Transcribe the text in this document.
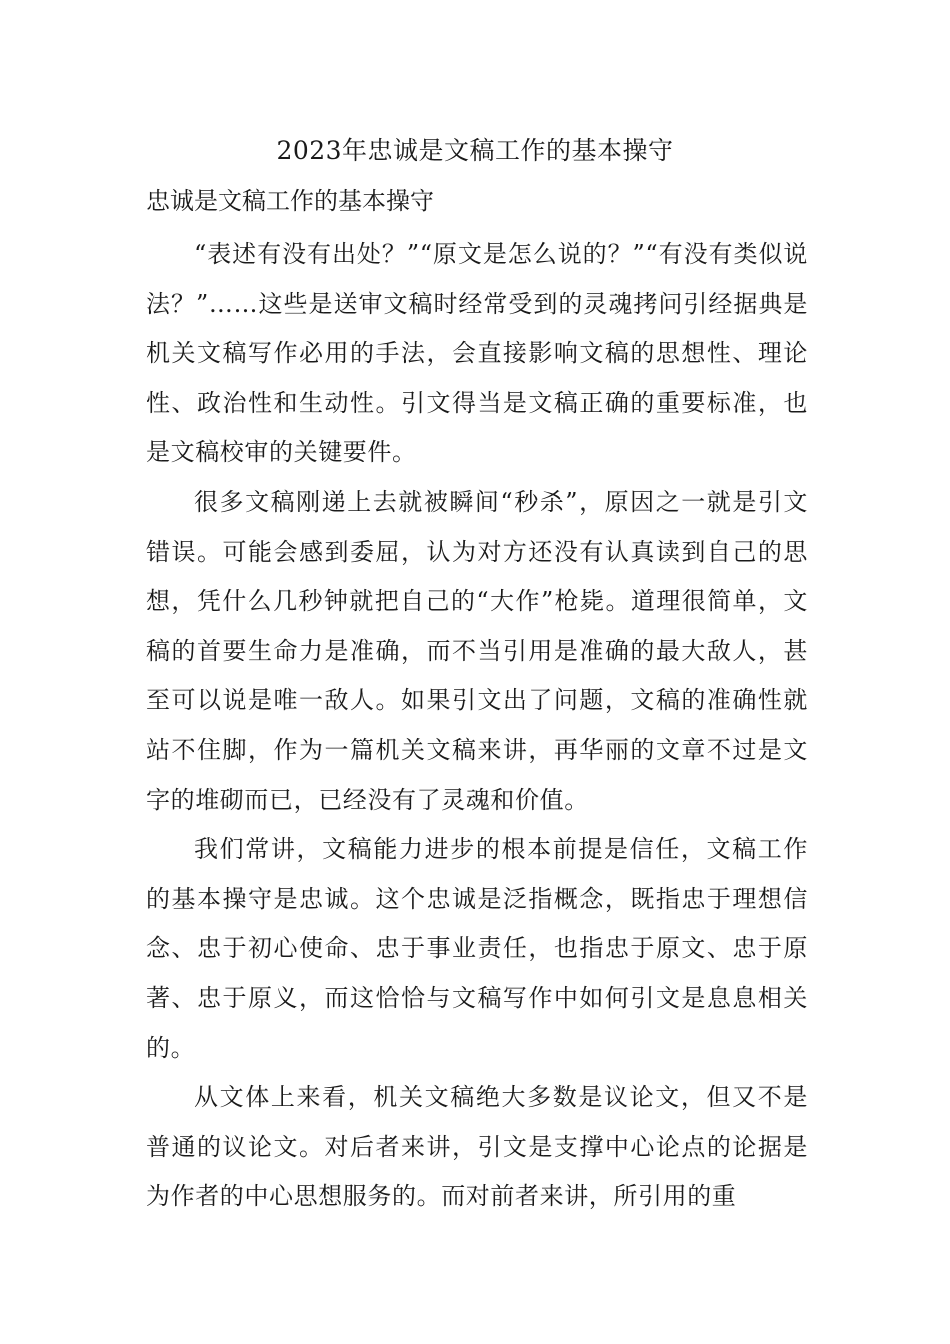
2023年忠诚是文稿工作的基本操守
忠诚是文稿工作的基本操守

“表述有没有出处？”“原文是怎么说的？”“有没有类似说法？”……这些是送审文稿时经常受到的灵魂拷问引经据典是机关文稿写作必用的手法，会直接影响文稿的思想性、理论性、政治性和生动性。引文得当是文稿正确的重要标准，也是文稿校审的关键要件。

很多文稿刚递上去就被瞬间“秒杀”，原因之一就是引文错误。可能会感到委屈，认为对方还没有认真读到自己的思想，凭什么几秒钟就把自己的“大作”枪毙。道理很简单，文稿的首要生命力是准确，而不当引用是准确的最大敌人，甚至可以说是唯一敌人。如果引文出了问题，文稿的准确性就站不住脚，作为一篇机关文稿来讲，再华丽的文章不过是文字的堆砌而已，已经没有了灵魂和价值。

我们常讲，文稿能力进步的根本前提是信任，文稿工作的基本操守是忠诚。这个忠诚是泛指概念，既指忠于理想信念、忠于初心使命、忠于事业责任，也指忠于原文、忠于原著、忠于原义，而这恰恰与文稿写作中如何引文是息息相关的。

从文体上来看，机关文稿绝大多数是议论文，但又不是普通的议论文。对后者来讲，引文是支撑中心论点的论据是为作者的中心思想服务的。而对前者来讲，所引用的重
